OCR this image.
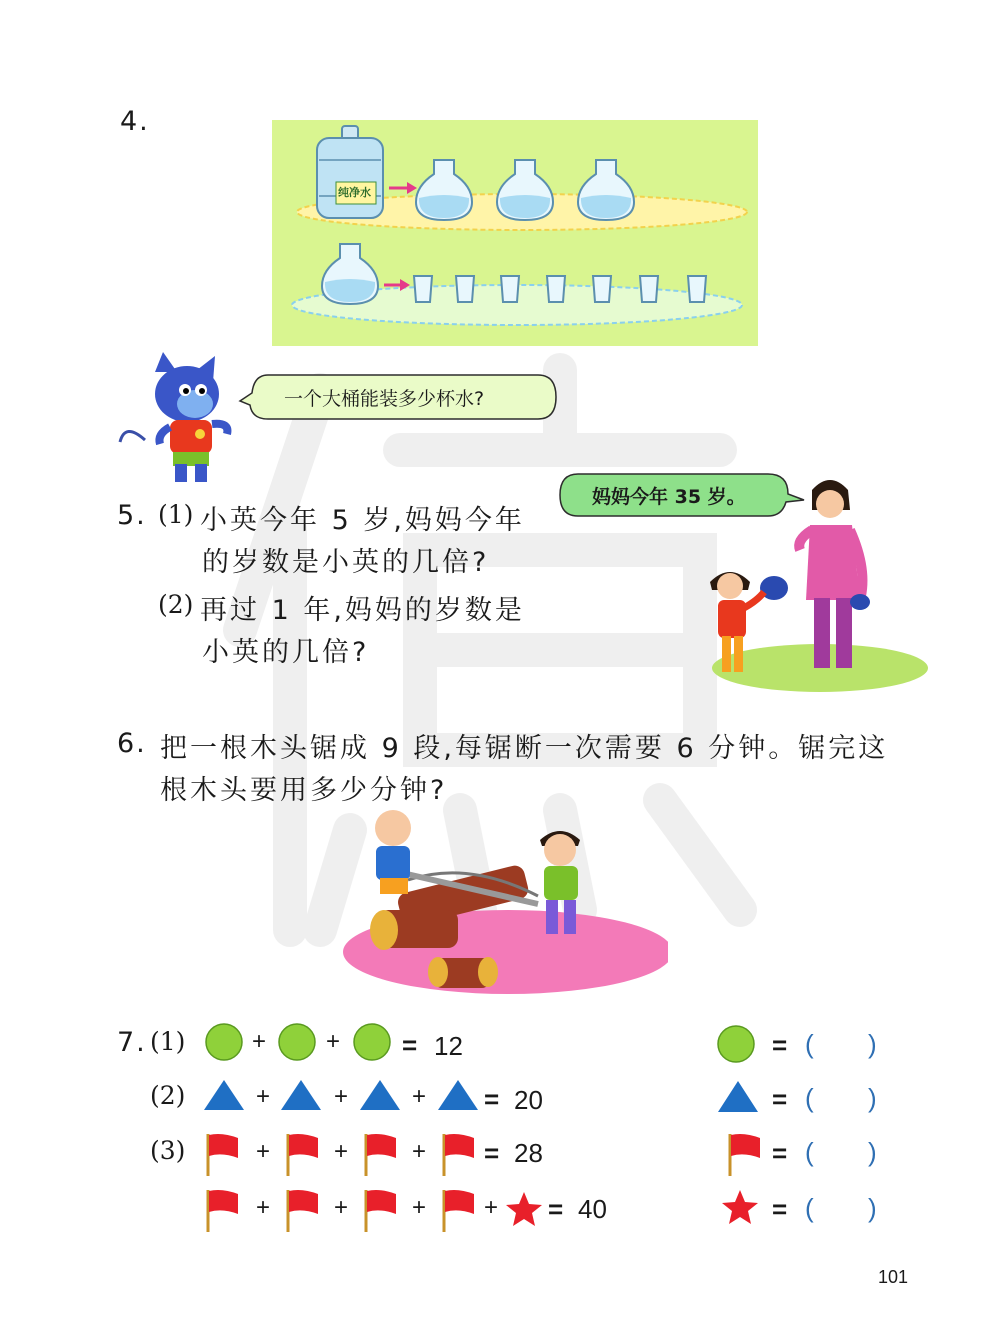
4.
纯净水
一个大桶能装多少杯水?
5. (1) 小英今年 5 岁,妈妈今年
的岁数是小英的几倍?
(2) 再过 1 年,妈妈的岁数是
小英的几倍?
妈妈今年 35 岁。
6. 把一根木头锯成 9 段,每锯断一次需要 6 分钟。锯完这
根木头要用多少分钟?
7. (1)	+ + = 12	= ( )
(2)	+	+	+ = 20	= ( )
(3)	+	+	+ = 28	= ( )
+	+	+ + = 40	= ( )
101
